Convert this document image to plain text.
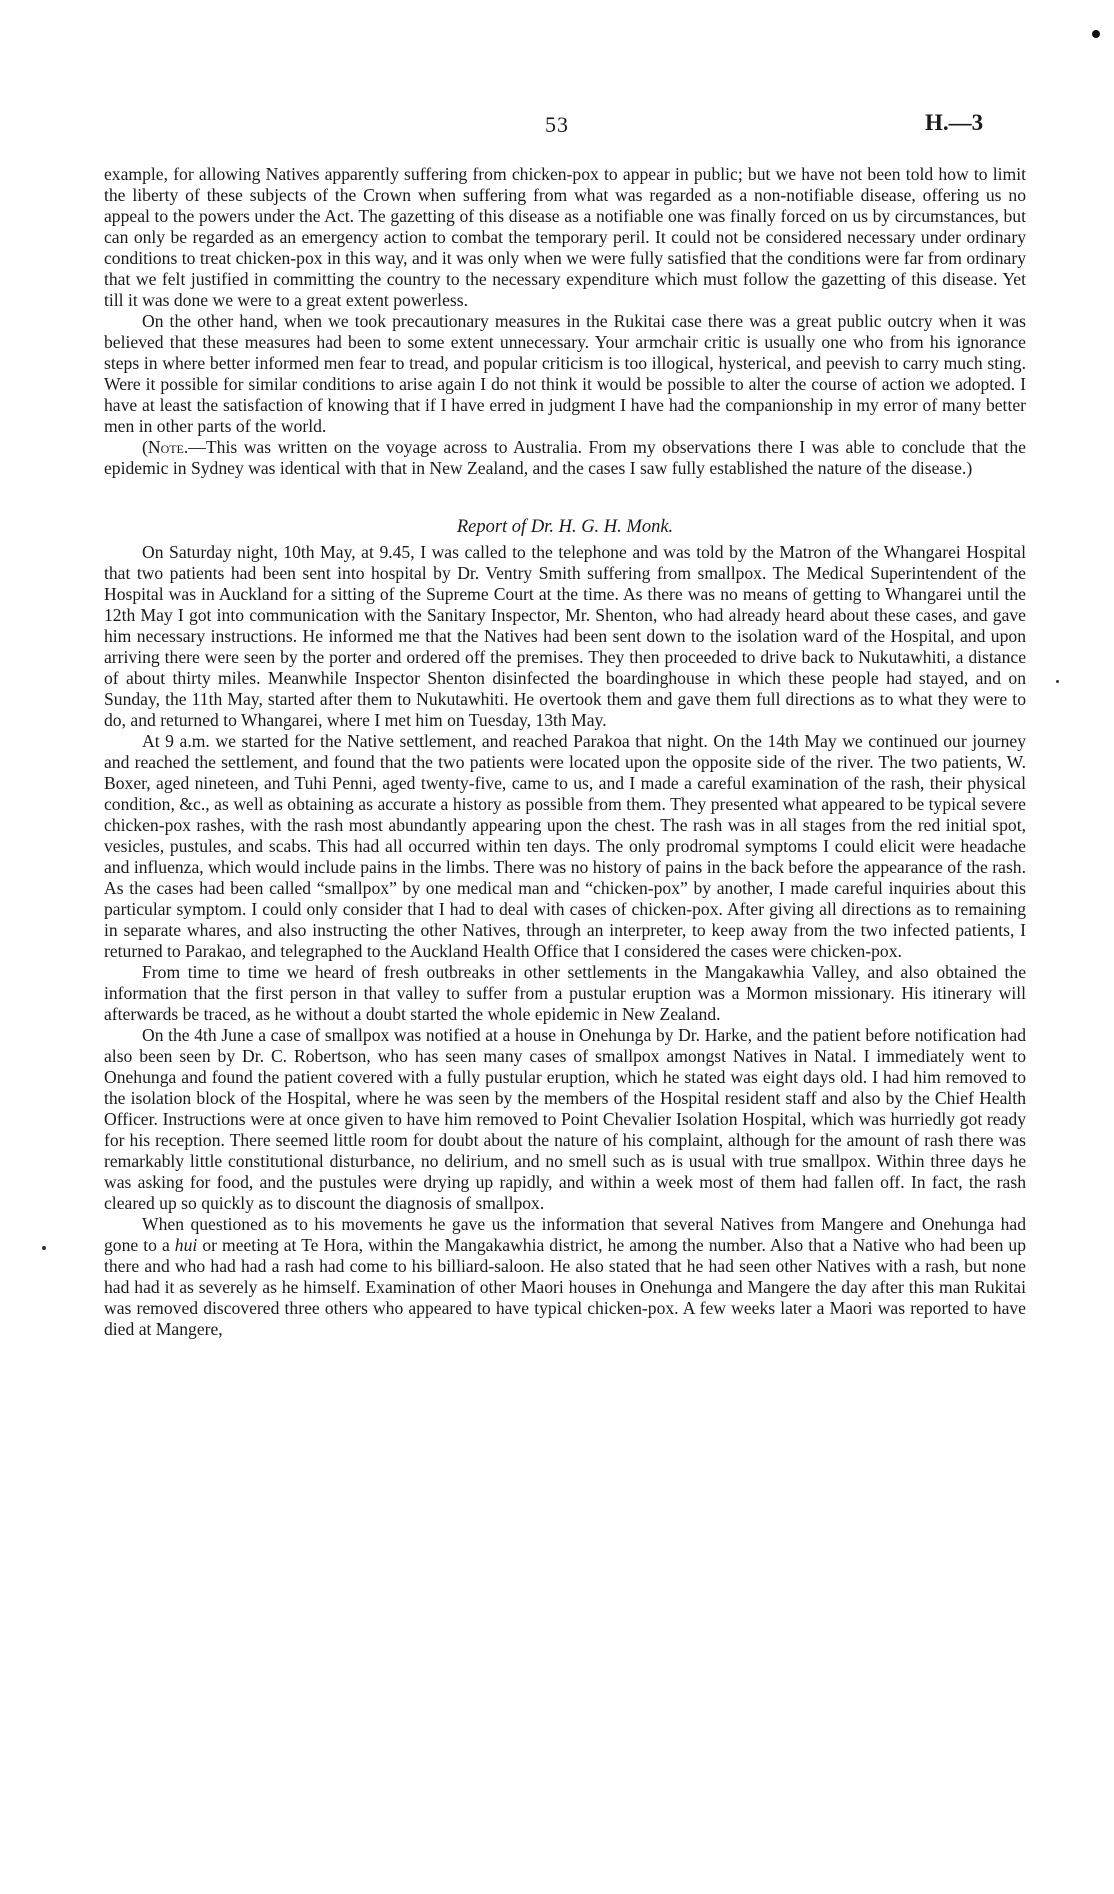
53	H.—3

example, for allowing Natives apparently suffering from chicken-pox to appear in public; but we have not been told how to limit the liberty of these subjects of the Crown when suffering from what was regarded as a non-notifiable disease, offering us no appeal to the powers under the Act. The gazetting of this disease as a notifiable one was finally forced on us by circumstances, but can only be regarded as an emergency action to combat the temporary peril. It could not be considered necessary under ordinary conditions to treat chicken-pox in this way, and it was only when we were fully satisfied that the conditions were far from ordinary that we felt justified in committing the country to the necessary expenditure which must follow the gazetting of this disease. Yet till it was done we were to a great extent powerless.

On the other hand, when we took precautionary measures in the Rukitai case there was a great public outcry when it was believed that these measures had been to some extent unnecessary. Your armchair critic is usually one who from his ignorance steps in where better informed men fear to tread, and popular criticism is too illogical, hysterical, and peevish to carry much sting. Were it possible for similar conditions to arise again I do not think it would be possible to alter the course of action we adopted. I have at least the satisfaction of knowing that if I have erred in judgment I have had the companionship in my error of many better men in other parts of the world.

(Note.—This was written on the voyage across to Australia. From my observations there I was able to conclude that the epidemic in Sydney was identical with that in New Zealand, and the cases I saw fully established the nature of the disease.)

Report of Dr. H. G. H. Monk.

On Saturday night, 10th May, at 9.45, I was called to the telephone and was told by the Matron of the Whangarei Hospital that two patients had been sent into hospital by Dr. Ventry Smith suffering from smallpox. The Medical Superintendent of the Hospital was in Auckland for a sitting of the Supreme Court at the time. As there was no means of getting to Whangarei until the 12th May I got into communication with the Sanitary Inspector, Mr. Shenton, who had already heard about these cases, and gave him necessary instructions. He informed me that the Natives had been sent down to the isolation ward of the Hospital, and upon arriving there were seen by the porter and ordered off the premises. They then proceeded to drive back to Nukutawhiti, a distance of about thirty miles. Meanwhile Inspector Shenton disinfected the boardinghouse in which these people had stayed, and on Sunday, the 11th May, started after them to Nukutawhiti. He overtook them and gave them full directions as to what they were to do, and returned to Whangarei, where I met him on Tuesday, 13th May.

At 9 a.m. we started for the Native settlement, and reached Parakoa that night. On the 14th May we continued our journey and reached the settlement, and found that the two patients were located upon the opposite side of the river. The two patients, W. Boxer, aged nineteen, and Tuhi Penni, aged twenty-five, came to us, and I made a careful examination of the rash, their physical condition, &c., as well as obtaining as accurate a history as possible from them. They presented what appeared to be typical severe chicken-pox rashes, with the rash most abundantly appearing upon the chest. The rash was in all stages from the red initial spot, vesicles, pustules, and scabs. This had all occurred within ten days. The only prodromal symptoms I could elicit were headache and influenza, which would include pains in the limbs. There was no history of pains in the back before the appearance of the rash. As the cases had been called “smallpox” by one medical man and “chicken-pox” by another, I made careful inquiries about this particular symptom. I could only consider that I had to deal with cases of chicken-pox. After giving all directions as to remaining in separate whares, and also instructing the other Natives, through an interpreter, to keep away from the two infected patients, I returned to Parakao, and telegraphed to the Auckland Health Office that I considered the cases were chicken-pox.

From time to time we heard of fresh outbreaks in other settlements in the Mangakawhia Valley, and also obtained the information that the first person in that valley to suffer from a pustular eruption was a Mormon missionary. His itinerary will afterwards be traced, as he without a doubt started the whole epidemic in New Zealand.

On the 4th June a case of smallpox was notified at a house in Onehunga by Dr. Harke, and the patient before notification had also been seen by Dr. C. Robertson, who has seen many cases of smallpox amongst Natives in Natal. I immediately went to Onehunga and found the patient covered with a fully pustular eruption, which he stated was eight days old. I had him removed to the isolation block of the Hospital, where he was seen by the members of the Hospital resident staff and also by the Chief Health Officer. Instructions were at once given to have him removed to Point Chevalier Isolation Hospital, which was hurriedly got ready for his reception. There seemed little room for doubt about the nature of his complaint, although for the amount of rash there was remarkably little constitutional disturbance, no delirium, and no smell such as is usual with true smallpox. Within three days he was asking for food, and the pustules were drying up rapidly, and within a week most of them had fallen off. In fact, the rash cleared up so quickly as to discount the diagnosis of smallpox.

When questioned as to his movements he gave us the information that several Natives from Mangere and Onehunga had gone to a hui or meeting at Te Hora, within the Mangakawhia district, he among the number. Also that a Native who had been up there and who had had a rash had come to his billiard-saloon. He also stated that he had seen other Natives with a rash, but none had had it as severely as he himself. Examination of other Maori houses in Onehunga and Mangere the day after this man Rukitai was removed discovered three others who appeared to have typical chicken-pox. A few weeks later a Maori was reported to have died at Mangere,
